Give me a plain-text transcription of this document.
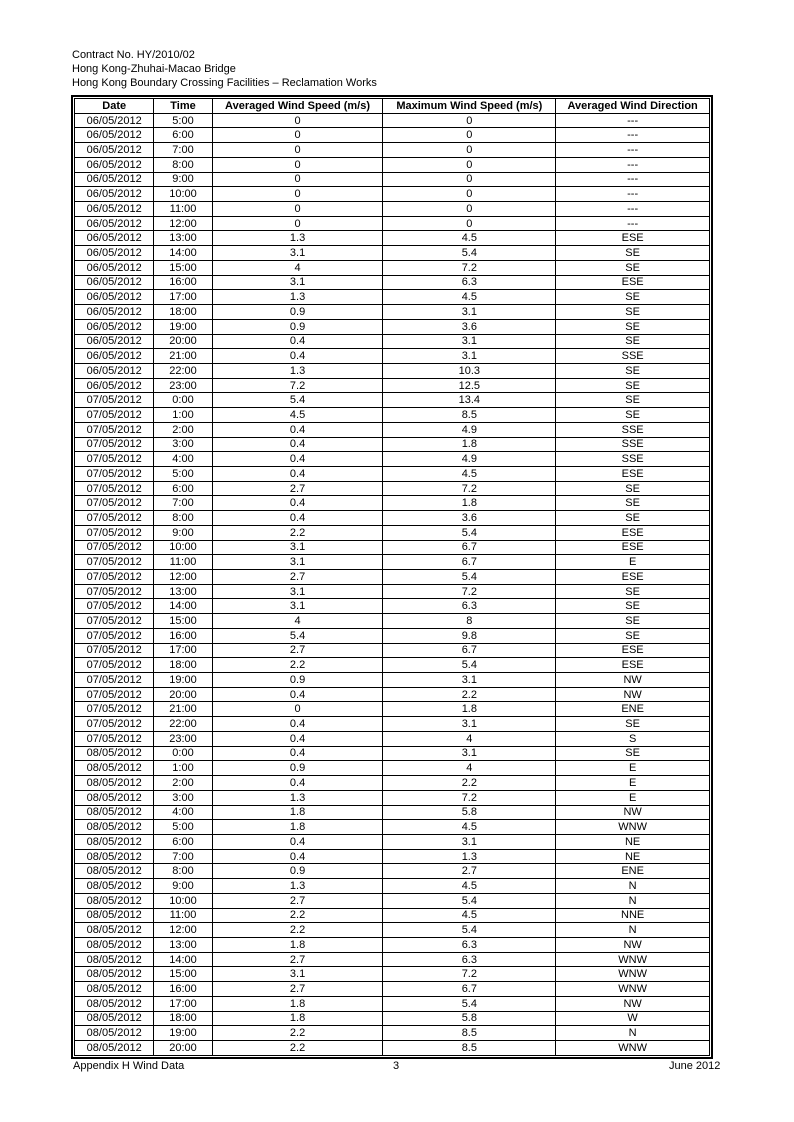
Contract No. HY/2010/02
Hong Kong-Zhuhai-Macao Bridge
Hong Kong Boundary Crossing Facilities – Reclamation Works
Date	Time	Averaged Wind Speed (m/s)	Maximum Wind Speed (m/s)	Averaged Wind Direction
06/05/2012	5:00	0	0	---
06/05/2012	6:00	0	0	---
06/05/2012	7:00	0	0	---
06/05/2012	8:00	0	0	---
06/05/2012	9:00	0	0	---
06/05/2012	10:00	0	0	---
06/05/2012	11:00	0	0	---
06/05/2012	12:00	0	0	---
06/05/2012	13:00	1.3	4.5	ESE
06/05/2012	14:00	3.1	5.4	SE
06/05/2012	15:00	4	7.2	SE
06/05/2012	16:00	3.1	6.3	ESE
06/05/2012	17:00	1.3	4.5	SE
06/05/2012	18:00	0.9	3.1	SE
06/05/2012	19:00	0.9	3.6	SE
06/05/2012	20:00	0.4	3.1	SE
06/05/2012	21:00	0.4	3.1	SSE
06/05/2012	22:00	1.3	10.3	SE
06/05/2012	23:00	7.2	12.5	SE
07/05/2012	0:00	5.4	13.4	SE
07/05/2012	1:00	4.5	8.5	SE
07/05/2012	2:00	0.4	4.9	SSE
07/05/2012	3:00	0.4	1.8	SSE
07/05/2012	4:00	0.4	4.9	SSE
07/05/2012	5:00	0.4	4.5	ESE
07/05/2012	6:00	2.7	7.2	SE
07/05/2012	7:00	0.4	1.8	SE
07/05/2012	8:00	0.4	3.6	SE
07/05/2012	9:00	2.2	5.4	ESE
07/05/2012	10:00	3.1	6.7	ESE
07/05/2012	11:00	3.1	6.7	E
07/05/2012	12:00	2.7	5.4	ESE
07/05/2012	13:00	3.1	7.2	SE
07/05/2012	14:00	3.1	6.3	SE
07/05/2012	15:00	4	8	SE
07/05/2012	16:00	5.4	9.8	SE
07/05/2012	17:00	2.7	6.7	ESE
07/05/2012	18:00	2.2	5.4	ESE
07/05/2012	19:00	0.9	3.1	NW
07/05/2012	20:00	0.4	2.2	NW
07/05/2012	21:00	0	1.8	ENE
07/05/2012	22:00	0.4	3.1	SE
07/05/2012	23:00	0.4	4	S
08/05/2012	0:00	0.4	3.1	SE
08/05/2012	1:00	0.9	4	E
08/05/2012	2:00	0.4	2.2	E
08/05/2012	3:00	1.3	7.2	E
08/05/2012	4:00	1.8	5.8	NW
08/05/2012	5:00	1.8	4.5	WNW
08/05/2012	6:00	0.4	3.1	NE
08/05/2012	7:00	0.4	1.3	NE
08/05/2012	8:00	0.9	2.7	ENE
08/05/2012	9:00	1.3	4.5	N
08/05/2012	10:00	2.7	5.4	N
08/05/2012	11:00	2.2	4.5	NNE
08/05/2012	12:00	2.2	5.4	N
08/05/2012	13:00	1.8	6.3	NW
08/05/2012	14:00	2.7	6.3	WNW
08/05/2012	15:00	3.1	7.2	WNW
08/05/2012	16:00	2.7	6.7	WNW
08/05/2012	17:00	1.8	5.4	NW
08/05/2012	18:00	1.8	5.8	W
08/05/2012	19:00	2.2	8.5	N
08/05/2012	20:00	2.2	8.5	WNW
Appendix H Wind Data	3	June 2012
